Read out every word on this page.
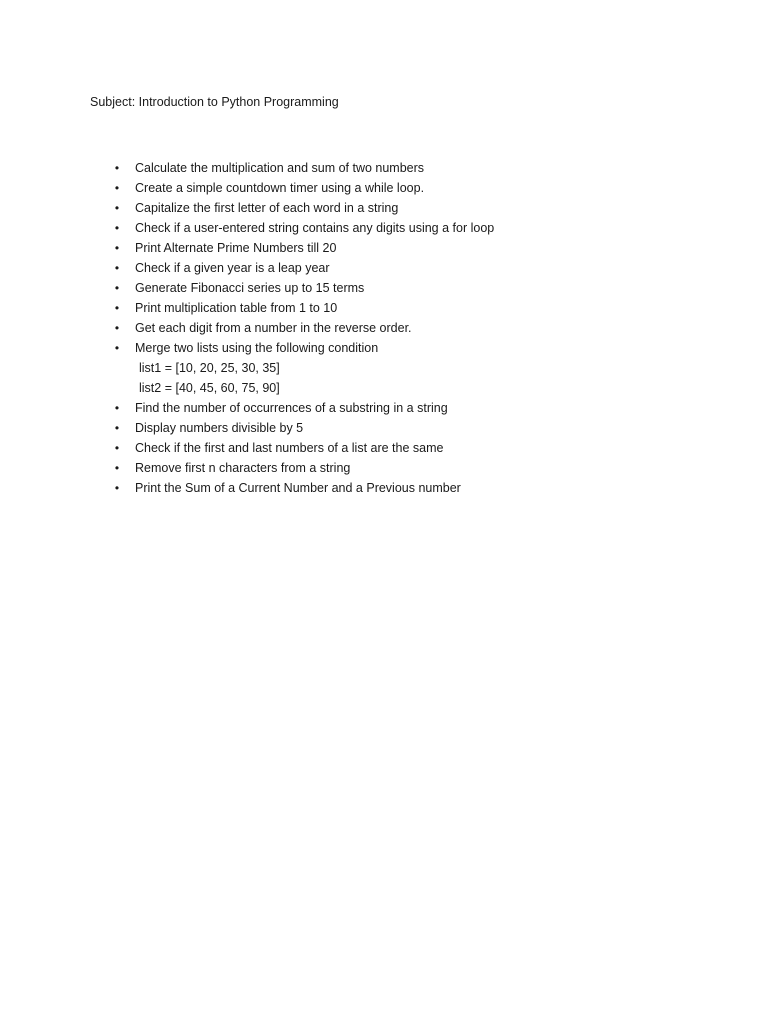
Subject: Introduction to Python Programming
• Calculate the multiplication and sum of two numbers
• Create a simple countdown timer using a while loop.
• Capitalize the first letter of each word in a string
• Check if a user-entered string contains any digits using a for loop
• Print Alternate Prime Numbers till 20
• Check if a given year is a leap year
• Generate Fibonacci series up to 15 terms
• Print multiplication table from 1 to 10
• Get each digit from a number in the reverse order.
• Merge two lists using the following condition
list1 = [10, 20, 25, 30, 35]
list2 = [40, 45, 60, 75, 90]
• Find the number of occurrences of a substring in a string
• Display numbers divisible by 5
• Check if the first and last numbers of a list are the same
• Remove first n characters from a string
• Print the Sum of a Current Number and a Previous number
